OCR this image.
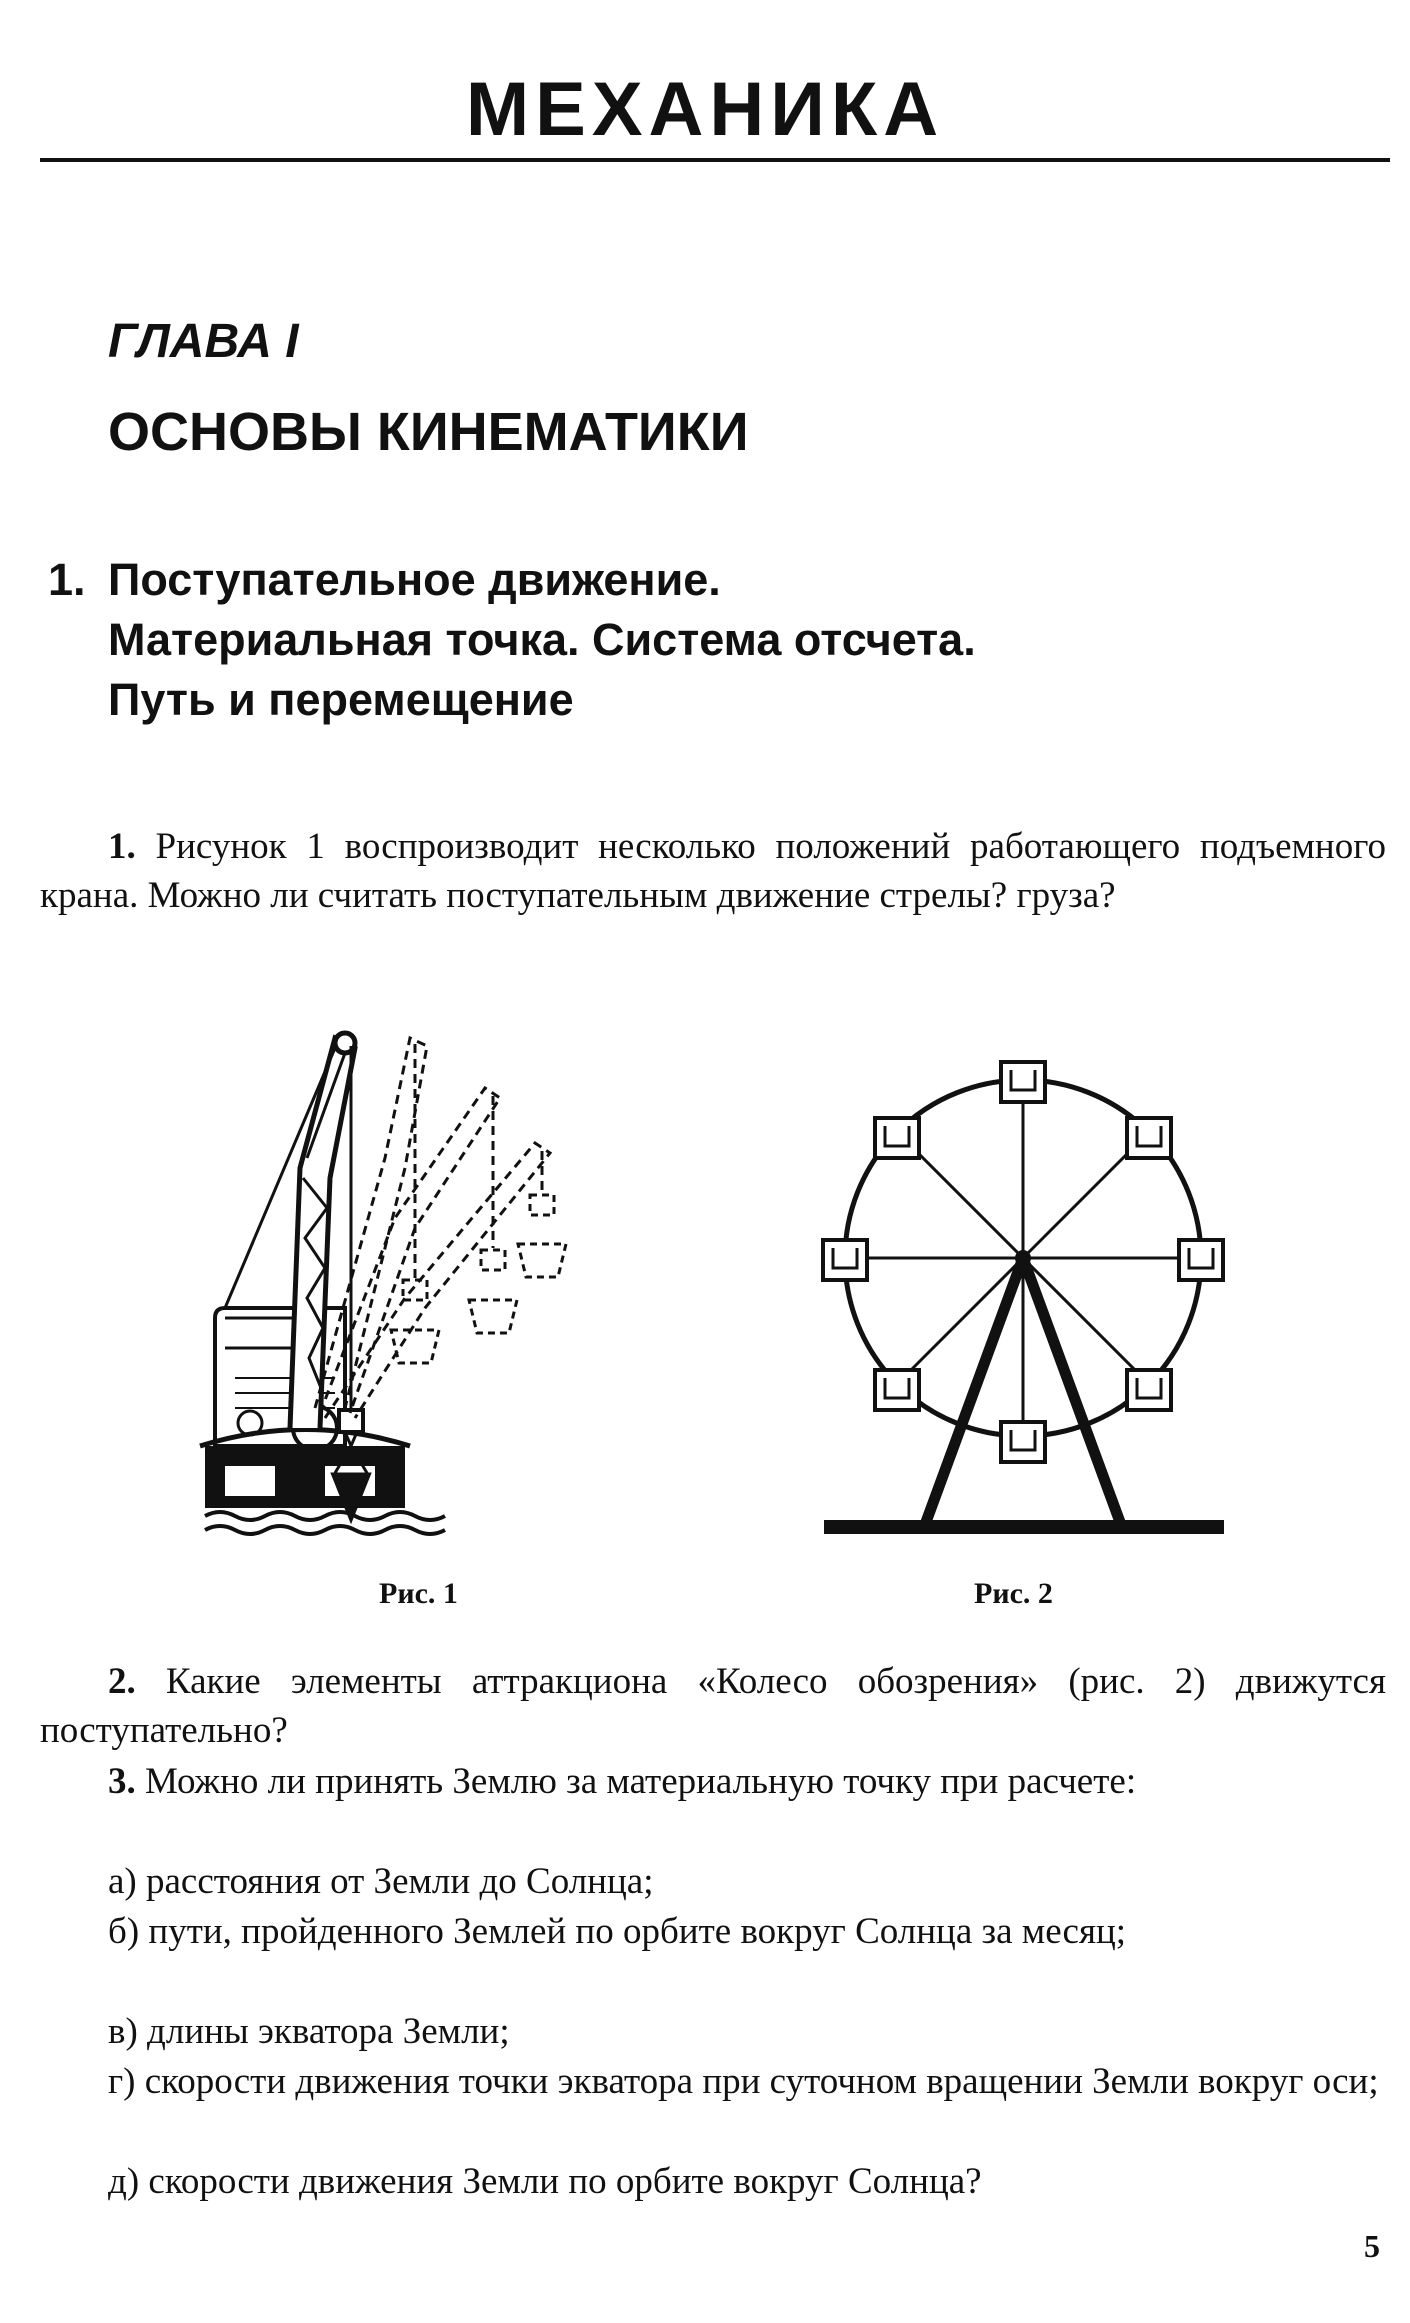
МЕХАНИКА
ГЛАВА I
ОСНОВЫ КИНЕМАТИКИ
1. Поступательное движение.
Материальная точка. Система отсчета.
Путь и перемещение
1. Рисунок 1 воспроизводит несколько положений работающего подъемного крана. Можно ли считать поступательным движение стрелы? груза?
Рис. 1	Рис. 2
2. Какие элементы аттракциона «Колесо обозрения» (рис. 2) движутся поступательно?
3. Можно ли принять Землю за материальную точку при расчете:
а) расстояния от Земли до Солнца;
б) пути, пройденного Землей по орбите вокруг Солнца за месяц;
в) длины экватора Земли;
г) скорости движения точки экватора при суточном вращении Земли вокруг оси;
д) скорости движения Земли по орбите вокруг Солнца?
5
